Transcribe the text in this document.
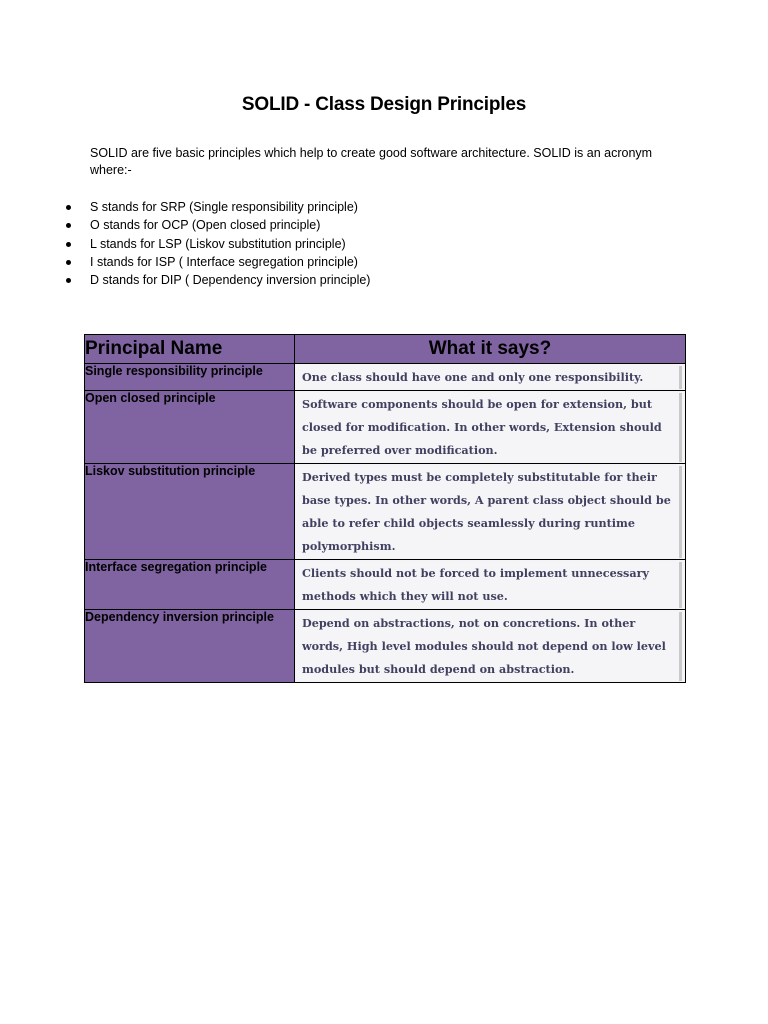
SOLID - Class Design Principles
SOLID are five basic principles which help to create good software architecture. SOLID is an acronym where:-
S stands for SRP (Single responsibility principle)
O stands for OCP (Open closed principle)
L stands for LSP (Liskov substitution principle)
I stands for ISP ( Interface segregation principle)
D stands for DIP ( Dependency inversion principle)
Principal Name	What it says?
Single responsibility principle	One class should have one and only one responsibility.

Open closed principle	Software components should be open for extension, but closed for modification. In other words, Extension should be preferred over modification.

Liskov substitution principle	Derived types must be completely substitutable for their base types. In other words, A parent class object should be able to refer child objects seamlessly during runtime polymorphism.

Interface segregation principle	Clients should not be forced to implement unnecessary methods which they will not use.

Dependency inversion principle	Depend on abstractions, not on concretions. In other words, High level modules should not depend on low level modules but should depend on abstraction.
